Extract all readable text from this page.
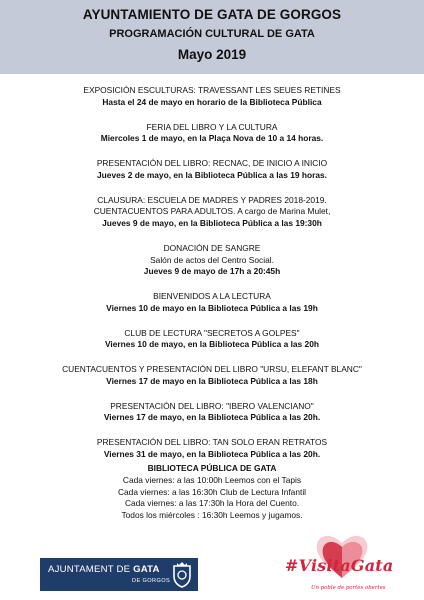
AYUNTAMIENTO DE GATA DE GORGOS
PROGRAMACIÓN CULTURAL DE GATA
Mayo 2019
EXPOSICIÓN ESCULTURAS: TRAVESSANT LES SEUES RETINES
Hasta el 24 de mayo en horario de la Biblioteca Pública
FERIA DEL LIBRO Y LA CULTURA
Miercoles 1 de mayo, en la Plaça Nova de 10 a 14 horas.
PRESENTACIÓN DEL LIBRO: RECNAC, DE INICIO A INICIO
Jueves 2 de mayo, en la Biblioteca Pública a las 19 horas.
CLAUSURA: ESCUELA DE MADRES Y PADRES 2018-2019.
CUENTACUENTOS PARA ADULTOS. A cargo de Marina Mulet,
Jueves 9 de mayo, en la Biblioteca Pública a las 19:30h
DONACIÓN DE SANGRE
Salón de actos del Centro Social.
Jueves 9 de mayo de 17h a 20:45h
BIENVENIDOS A LA LECTURA
Viernes 10 de mayo en la Biblioteca Pública a las 19h
CLUB DE LECTURA "SECRETOS A GOLPES"
Viernes 10 de mayo, en la Biblioteca Pública a las 20h
CUENTACUENTOS Y PRESENTACIÓN DEL LIBRO "URSU, ELEFANT BLANC"
Viernes 17 de mayo en la Biblioteca Pública a las 18h
PRESENTACIÓN DEL LIBRO: "IBERO VALENCIANO"
Viernes 17 de mayo, en la Biblioteca Pública a las 20h.
PRESENTACIÓN DEL LIBRO: TAN SOLO ERAN RETRATOS
Viernes 31 de mayo, en la Biblioteca Pública a las 20h.
BIBLIOTECA PÚBLICA DE GATA
Cada viernes: a las 10:00h Leemos con el Tapis
Cada viernes: a las 16:30h Club de Lectura Infantil
Cada viernes: a las 17:30h la Hora del Cuento.
Todos los miércoles : 16:30h Leemos y jugamos.
AJUNTAMENT DE GATA
DE GORGOS
#VisitaGata
Un poble de portes obertes
